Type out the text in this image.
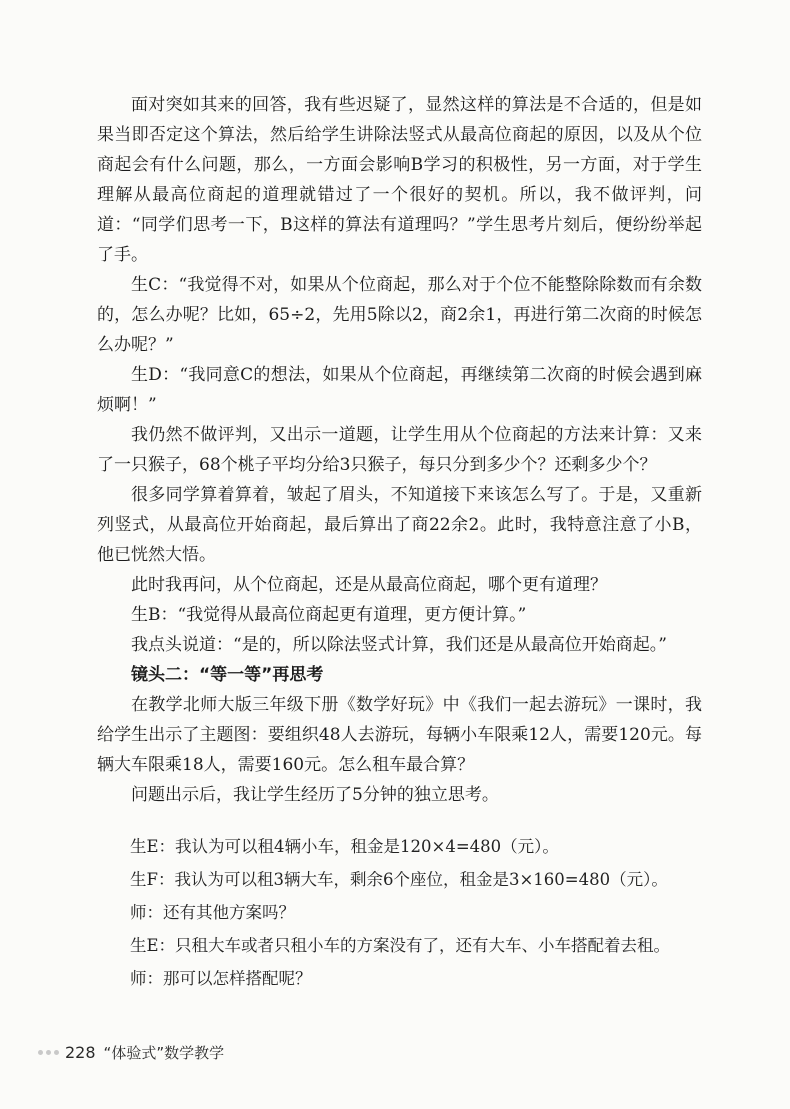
面对突如其来的回答，我有些迟疑了，显然这样的算法是不合适的，但是如果当即否定这个算法，然后给学生讲除法竖式从最高位商起的原因，以及从个位商起会有什么问题，那么，一方面会影响B学习的积极性，另一方面，对于学生理解从最高位商起的道理就错过了一个很好的契机。所以，我不做评判，问道：“同学们思考一下，B这样的算法有道理吗？”学生思考片刻后，便纷纷举起了手。

生C：“我觉得不对，如果从个位商起，那么对于个位不能整除除数而有余数的，怎么办呢？比如，65÷2，先用5除以2，商2余1，再进行第二次商的时候怎么办呢？”

生D：“我同意C的想法，如果从个位商起，再继续第二次商的时候会遇到麻烦啊！”

我仍然不做评判，又出示一道题，让学生用从个位商起的方法来计算：又来了一只猴子，68个桃子平均分给3只猴子，每只分到多少个？还剩多少个？

很多同学算着算着，皱起了眉头，不知道接下来该怎么写了。于是，又重新列竖式，从最高位开始商起，最后算出了商22余2。此时，我特意注意了小B，他已恍然大悟。

此时我再问，从个位商起，还是从最高位商起，哪个更有道理？

生B：“我觉得从最高位商起更有道理，更方便计算。”

我点头说道：“是的，所以除法竖式计算，我们还是从最高位开始商起。”

镜头二：“等一等”再思考

在教学北师大版三年级下册《数学好玩》中《我们一起去游玩》一课时，我给学生出示了主题图：要组织48人去游玩，每辆小车限乘12人，需要120元。每辆大车限乘18人，需要160元。怎么租车最合算？

问题出示后，我让学生经历了5分钟的独立思考。

生E：我认为可以租4辆小车，租金是120×4=480（元）。

生F：我认为可以租3辆大车，剩余6个座位，租金是3×160=480（元）。

师：还有其他方案吗？

生E：只租大车或者只租小车的方案没有了，还有大车、小车搭配着去租。

师：那可以怎样搭配呢？

228 “体验式”数学教学
